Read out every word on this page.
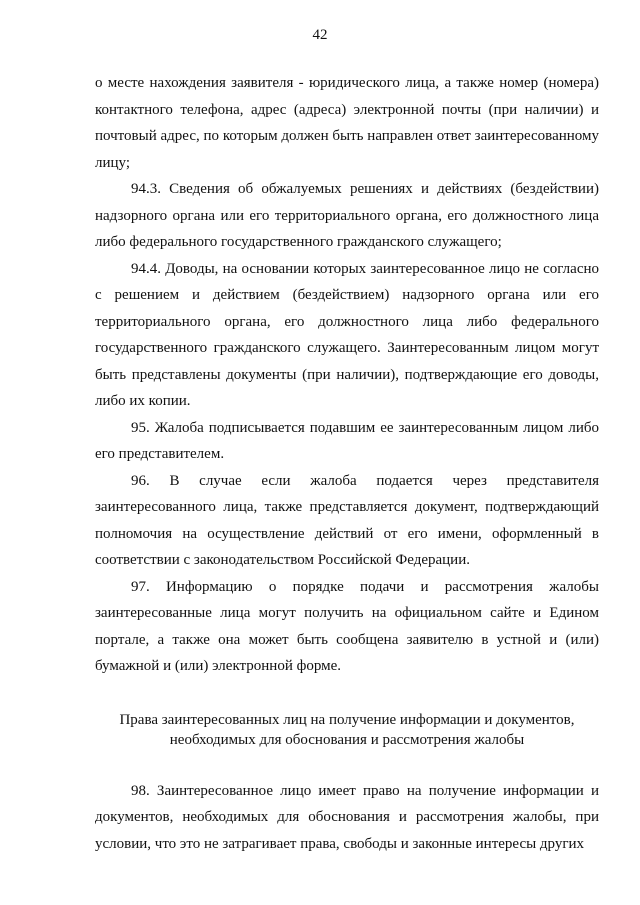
42

о месте нахождения заявителя - юридического лица, а также номер (номера) контактного телефона, адрес (адреса) электронной почты (при наличии) и почтовый адрес, по которым должен быть направлен ответ заинтересованному лицу;

94.3. Сведения об обжалуемых решениях и действиях (бездействии) надзорного органа или его территориального органа, его должностного лица либо федерального государственного гражданского служащего;

94.4. Доводы, на основании которых заинтересованное лицо не согласно с решением и действием (бездействием) надзорного органа или его территориального органа, его должностного лица либо федерального государственного гражданского служащего. Заинтересованным лицом могут быть представлены документы (при наличии), подтверждающие его доводы, либо их копии.

95. Жалоба подписывается подавшим ее заинтересованным лицом либо его представителем.

96. В случае если жалоба подается через представителя заинтересованного лица, также представляется документ, подтверждающий полномочия на осуществление действий от его имени, оформленный в соответствии с законодательством Российской Федерации.

97. Информацию о порядке подачи и рассмотрения жалобы заинтересованные лица могут получить на официальном сайте и Едином портале, а также она может быть сообщена заявителю в устной и (или) бумажной и (или) электронной форме.

Права заинтересованных лиц на получение информации и документов,
необходимых для обоснования и рассмотрения жалобы

98. Заинтересованное лицо имеет право на получение информации и документов, необходимых для обоснования и рассмотрения жалобы, при условии, что это не затрагивает права, свободы и законные интересы других
